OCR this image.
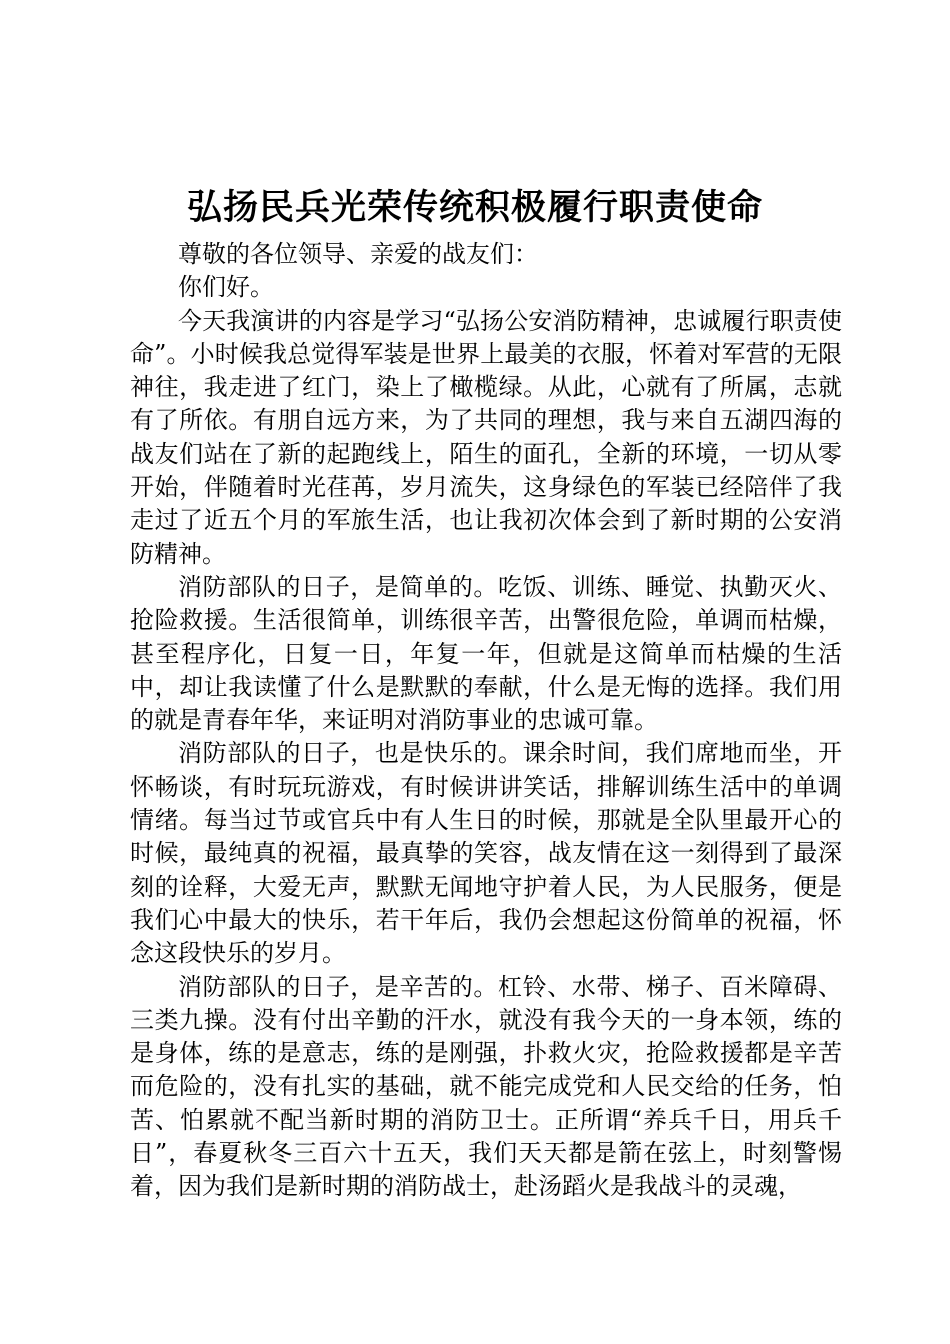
弘扬民兵光荣传统积极履行职责使命

尊敬的各位领导、亲爱的战友们：

你们好。

今天我演讲的内容是学习“弘扬公安消防精神，忠诚履行职责使命”。小时候我总觉得军装是世界上最美的衣服，怀着对军营的无限神往，我走进了红门，染上了橄榄绿。从此，心就有了所属，志就有了所依。有朋自远方来，为了共同的理想，我与来自五湖四海的战友们站在了新的起跑线上，陌生的面孔，全新的环境，一切从零开始，伴随着时光荏苒，岁月流失，这身绿色的军装已经陪伴了我走过了近五个月的军旅生活，也让我初次体会到了新时期的公安消防精神。

消防部队的日子，是简单的。吃饭、训练、睡觉、执勤灭火、抢险救援。生活很简单，训练很辛苦，出警很危险，单调而枯燥，甚至程序化，日复一日，年复一年，但就是这简单而枯燥的生活中，却让我读懂了什么是默默的奉献，什么是无悔的选择。我们用的就是青春年华，来证明对消防事业的忠诚可靠。

消防部队的日子，也是快乐的。课余时间，我们席地而坐，开怀畅谈，有时玩玩游戏，有时候讲讲笑话，排解训练生活中的单调情绪。每当过节或官兵中有人生日的时候，那就是全队里最开心的时候，最纯真的祝福，最真挚的笑容，战友情在这一刻得到了最深刻的诠释，大爱无声，默默无闻地守护着人民，为人民服务，便是我们心中最大的快乐，若干年后，我仍会想起这份简单的祝福，怀念这段快乐的岁月。

消防部队的日子，是辛苦的。杠铃、水带、梯子、百米障碍、三类九操。没有付出辛勤的汗水，就没有我今天的一身本领，练的是身体，练的是意志，练的是刚强，扑救火灾，抢险救援都是辛苦而危险的，没有扎实的基础，就不能完成党和人民交给的任务，怕苦、怕累就不配当新时期的消防卫士。正所谓“养兵千日，用兵千日”，春夏秋冬三百六十五天，我们天天都是箭在弦上，时刻警惕着，因为我们是新时期的消防战士，赴汤蹈火是我战斗的灵魂，
